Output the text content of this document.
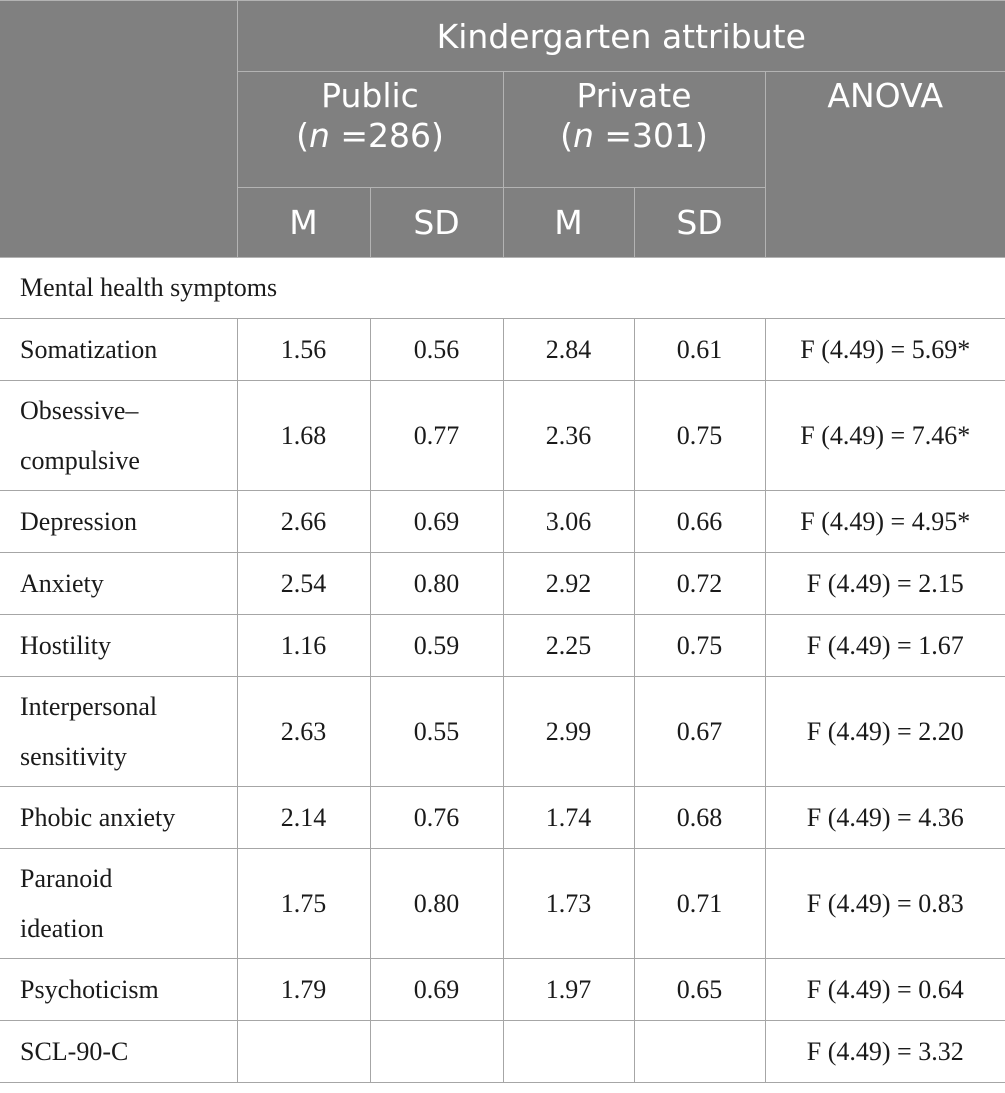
	Kindergarten attribute				
	Public
(n =286)		Private
(n =301)		ANOVA
	M	SD	M	SD	
Mental health symptoms					
Somatization	1.56	0.56	2.84	0.61	F (4.49) = 5.69*
Obsessive–
compulsive	1.68	0.77	2.36	0.75	F (4.49) = 7.46*
Depression	2.66	0.69	3.06	0.66	F (4.49) = 4.95*
Anxiety	2.54	0.80	2.92	0.72	F (4.49) = 2.15
Hostility	1.16	0.59	2.25	0.75	F (4.49) = 1.67
Interpersonal
sensitivity	2.63	0.55	2.99	0.67	F (4.49) = 2.20
Phobic anxiety	2.14	0.76	1.74	0.68	F (4.49) = 4.36
Paranoid
ideation	1.75	0.80	1.73	0.71	F (4.49) = 0.83
Psychoticism	1.79	0.69	1.97	0.65	F (4.49) = 0.64
SCL-90-C					F (4.49) = 3.32
